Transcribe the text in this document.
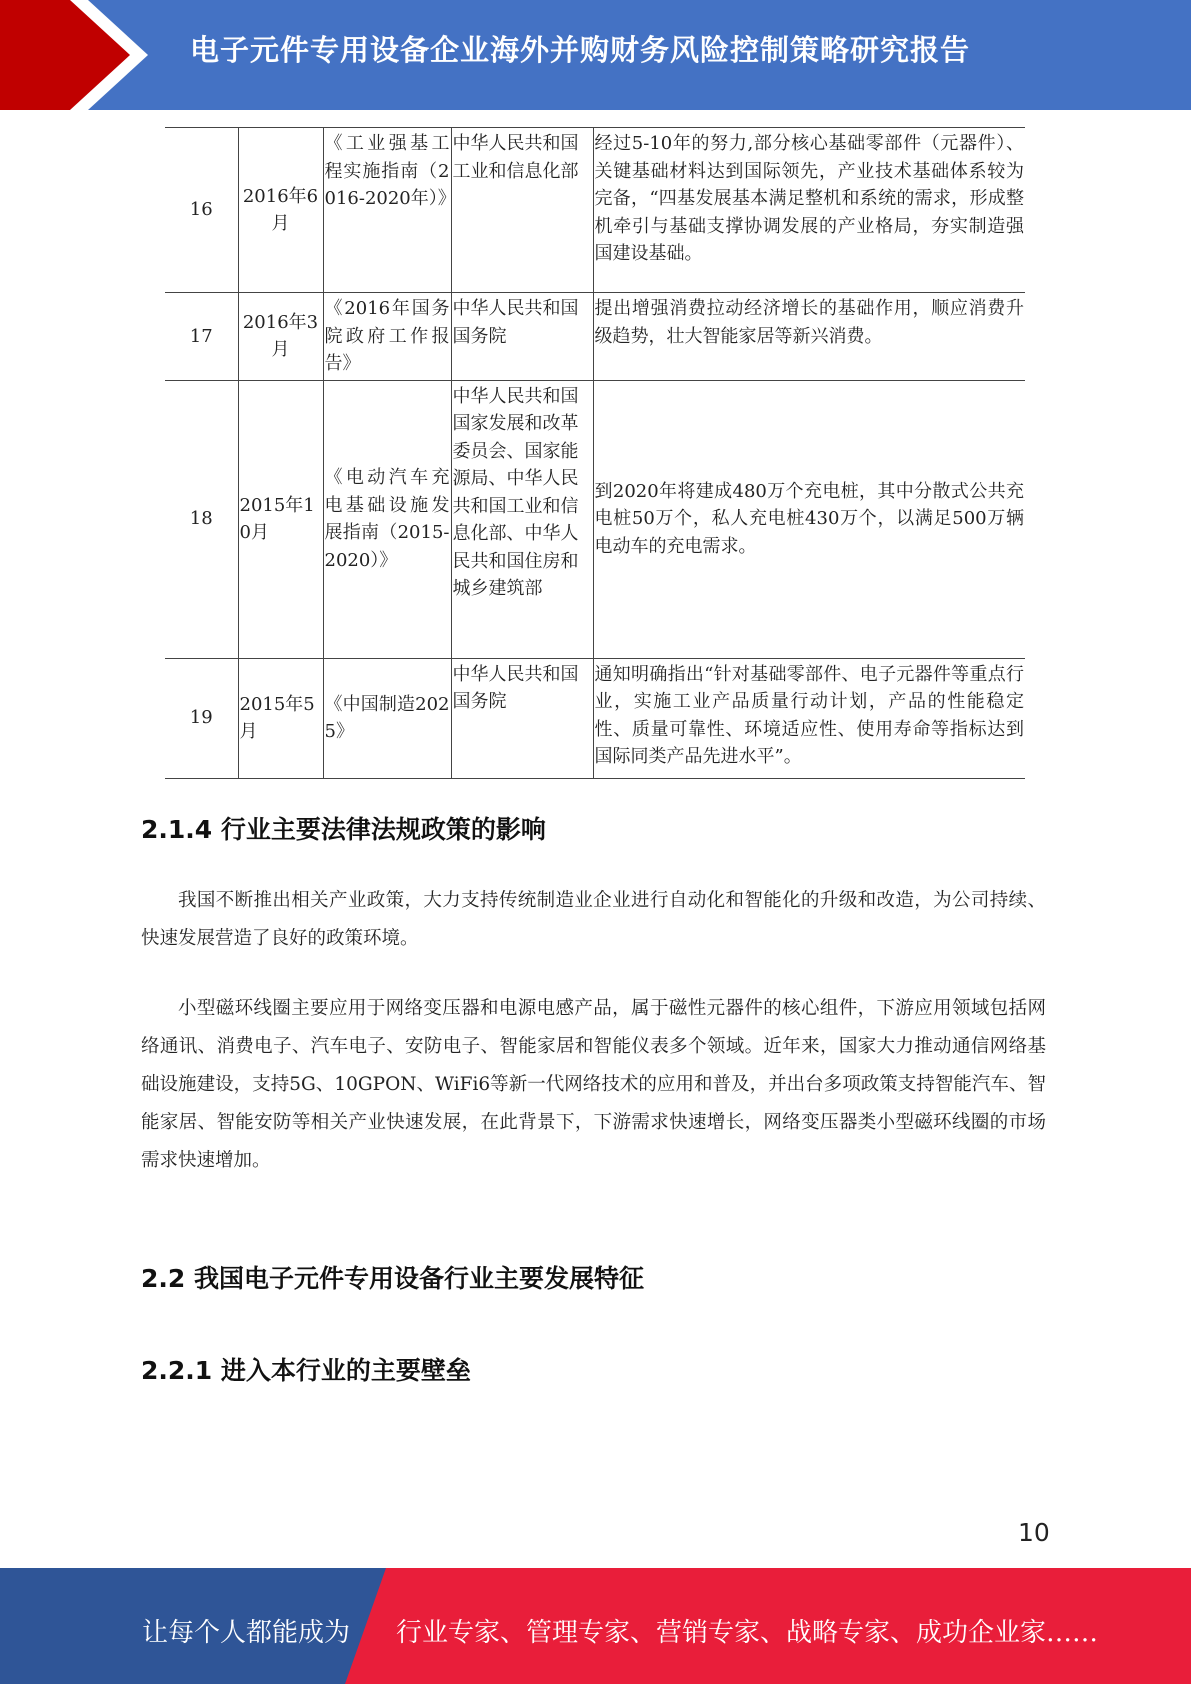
电子元件专用设备企业海外并购财务风险控制策略研究报告
16	2016年6月	《工业强基工程实施指南（2016-2020年）》	中华人民共和国工业和信息化部	经过5-10年的努力,部分核心基础零部件（元器件）、关键基础材料达到国际领先，产业技术基础体系较为完备，“四基发展基本满足整机和系统的需求，形成整机牵引与基础支撑协调发展的产业格局，夯实制造强国建设基础。
17	2016年3月	《2016年国务院政府工作报告》	中华人民共和国国务院	提出增强消费拉动经济增长的基础作用，顺应消费升级趋势，壮大智能家居等新兴消费。
18	2015年10月	《电动汽车充电基础设施发展指南（2015-2020）》	中华人民共和国国家发展和改革委员会、国家能源局、中华人民共和国工业和信息化部、中华人民共和国住房和城乡建筑部	到2020年将建成480万个充电桩，其中分散式公共充电桩50万个，私人充电桩430万个，以满足500万辆电动车的充电需求。
19	2015年5月	《中国制造2025》	中华人民共和国国务院	通知明确指出“针对基础零部件、电子元器件等重点行业，实施工业产品质量行动计划，产品的性能稳定性、质量可靠性、环境适应性、使用寿命等指标达到国际同类产品先进水平”。
2.1.4 行业主要法律法规政策的影响
我国不断推出相关产业政策，大力支持传统制造业企业进行自动化和智能化的升级和改造，为公司持续、快速发展营造了良好的政策环境。
小型磁环线圈主要应用于网络变压器和电源电感产品，属于磁性元器件的核心组件，下游应用领域包括网络通讯、消费电子、汽车电子、安防电子、智能家居和智能仪表多个领域。近年来，国家大力推动通信网络基础设施建设，支持5G、10GPON、WiFi6等新一代网络技术的应用和普及，并出台多项政策支持智能汽车、智能家居、智能安防等相关产业快速发展，在此背景下，下游需求快速增长，网络变压器类小型磁环线圈的市场需求快速增加。
2.2 我国电子元件专用设备行业主要发展特征
2.2.1 进入本行业的主要壁垒
10
让每个人都能成为 行业专家、管理专家、营销专家、战略专家、成功企业家……
